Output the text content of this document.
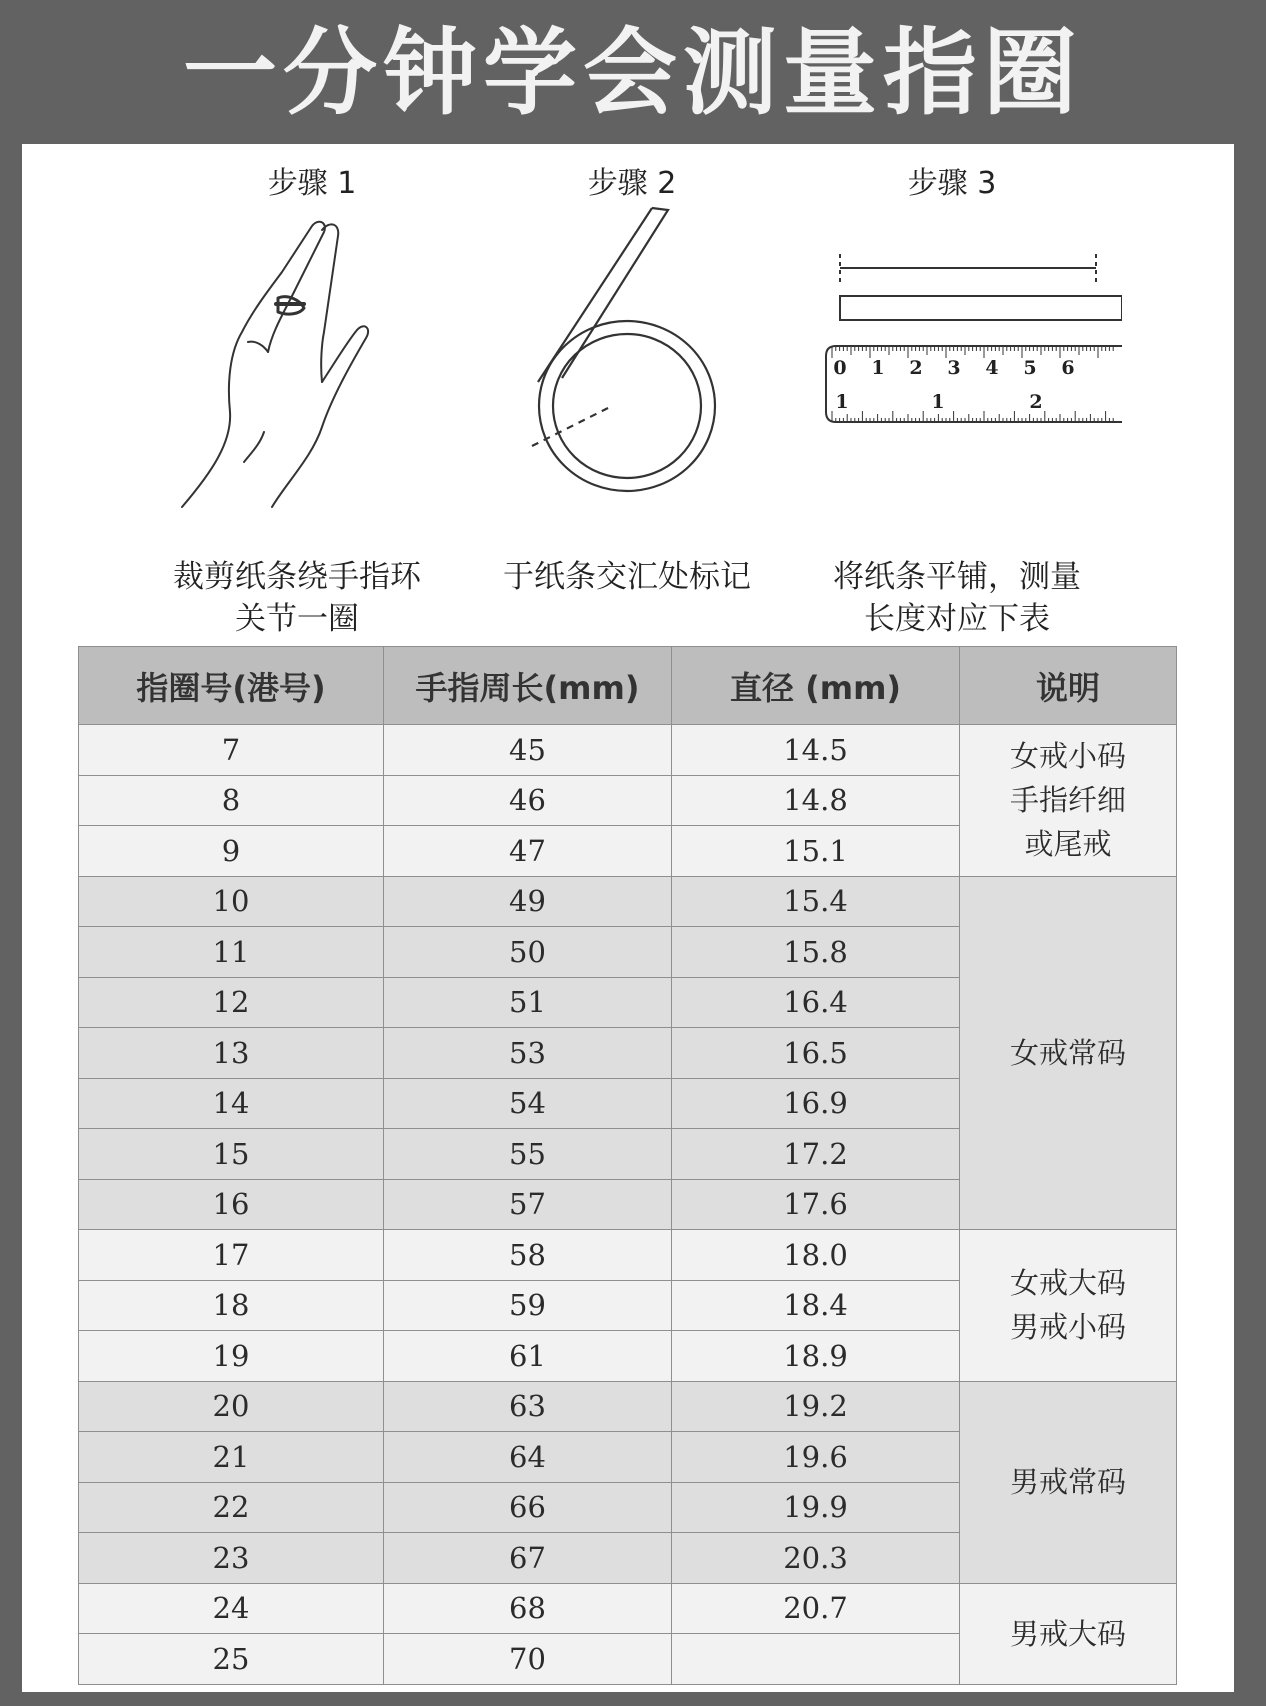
一分钟学会测量指圈
步骤 1	步骤 2	步骤 3
0 1 2 3 4 5 6
1	1	2
裁剪纸条绕手指环
关节一圈
于纸条交汇处标记	将纸条平铺，测量
长度对应下表
指圈号(港号)	手指周长(mm)	直径 (mm)	说明
7	45	14.5	女戒小码
手指纤细
或尾戒
8	46	14.8	
9	47	15.1	
10	49	15.4	女戒常码
11	50	15.8	
12	51	16.4	
13	53	16.5	
14	54	16.9	
15	55	17.2	
16	57	17.6	
17	58	18.0	女戒大码
男戒小码
18	59	18.4	
19	61	18.9	
20	63	19.2	男戒常码
21	64	19.6	
22	66	19.9	
23	67	20.3	
24	68	20.7	男戒大码
25	70		
